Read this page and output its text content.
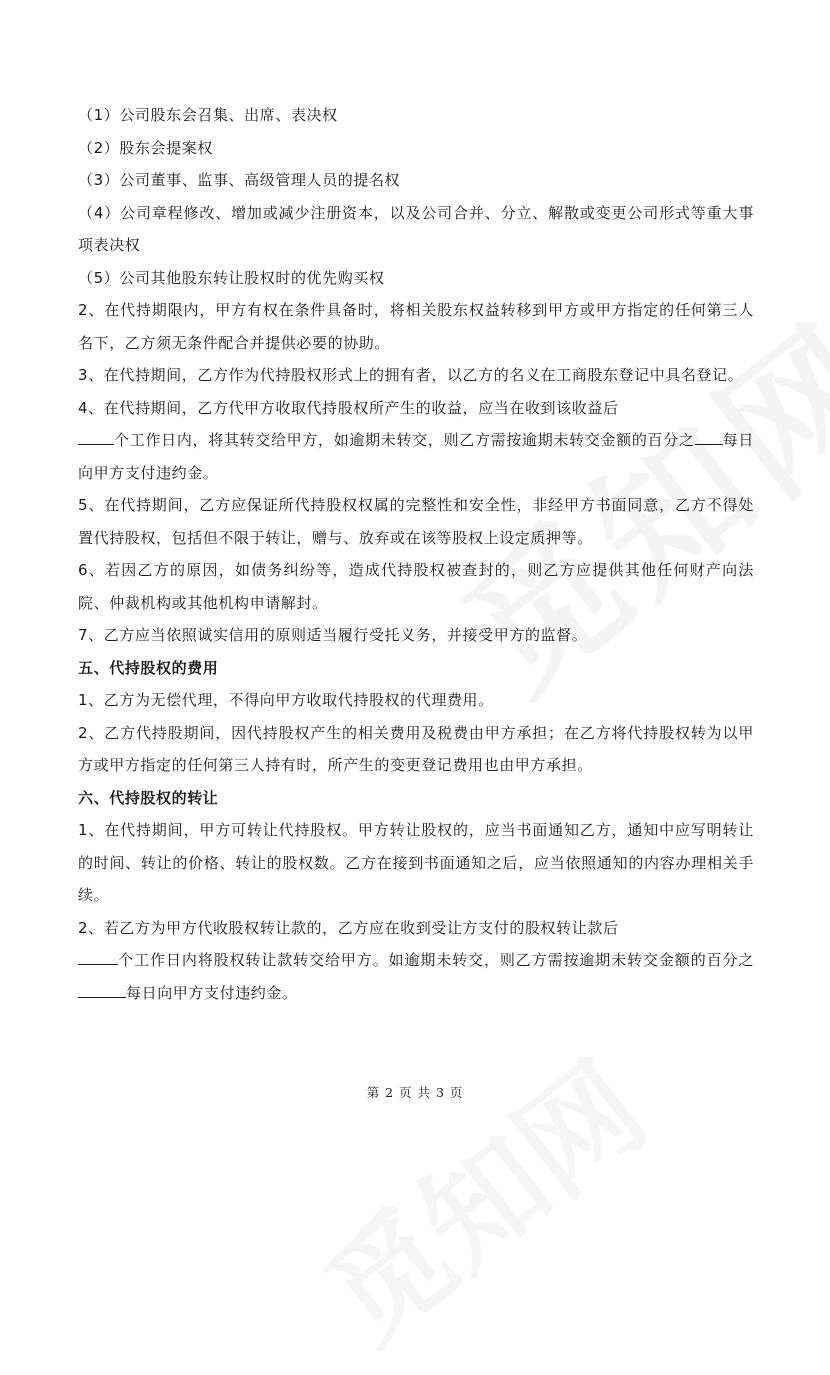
（1）公司股东会召集、出席、表决权

（2）股东会提案权

（3）公司董事、监事、高级管理人员的提名权

（4）公司章程修改、增加或减少注册资本，以及公司合并、分立、解散或变更公司形式等重大事项表决权

（5）公司其他股东转让股权时的优先购买权

2、在代持期限内，甲方有权在条件具备时，将相关股东权益转移到甲方或甲方指定的任何第三人名下，乙方须无条件配合并提供必要的协助。

3、在代持期间，乙方作为代持股权形式上的拥有者，以乙方的名义在工商股东登记中具名登记。

4、在代持期间，乙方代甲方收取代持股权所产生的收益，应当在收到该收益后
个工作日内，将其转交给甲方，如逾期未转交，则乙方需按逾期未转交金额的百分之 每日向甲方支付违约金。

5、在代持期间，乙方应保证所代持股权权属的完整性和安全性，非经甲方书面同意，乙方不得处置代持股权，包括但不限于转让，赠与、放弃或在该等股权上设定质押等。

6、若因乙方的原因，如债务纠纷等，造成代持股权被查封的，则乙方应提供其他任何财产向法院、仲裁机构或其他机构申请解封。

7、乙方应当依照诚实信用的原则适当履行受托义务，并接受甲方的监督。

五、代持股权的费用

1、乙方为无偿代理，不得向甲方收取代持股权的代理费用。

2、乙方代持股期间，因代持股权产生的相关费用及税费由甲方承担；在乙方将代持股权转为以甲方或甲方指定的任何第三人持有时，所产生的变更登记费用也由甲方承担。

六、代持股权的转让

1、在代持期间，甲方可转让代持股权。甲方转让股权的，应当书面通知乙方，通知中应写明转让的时间、转让的价格、转让的股权数。乙方在接到书面通知之后，应当依照通知的内容办理相关手续。

2、若乙方为甲方代收股权转让款的，乙方应在收到受让方支付的股权转让款后
个工作日内将股权转让款转交给甲方。如逾期未转交，则乙方需按逾期未转交金额的百分之每日向甲方支付违约金。

第 2 页 共 3 页
